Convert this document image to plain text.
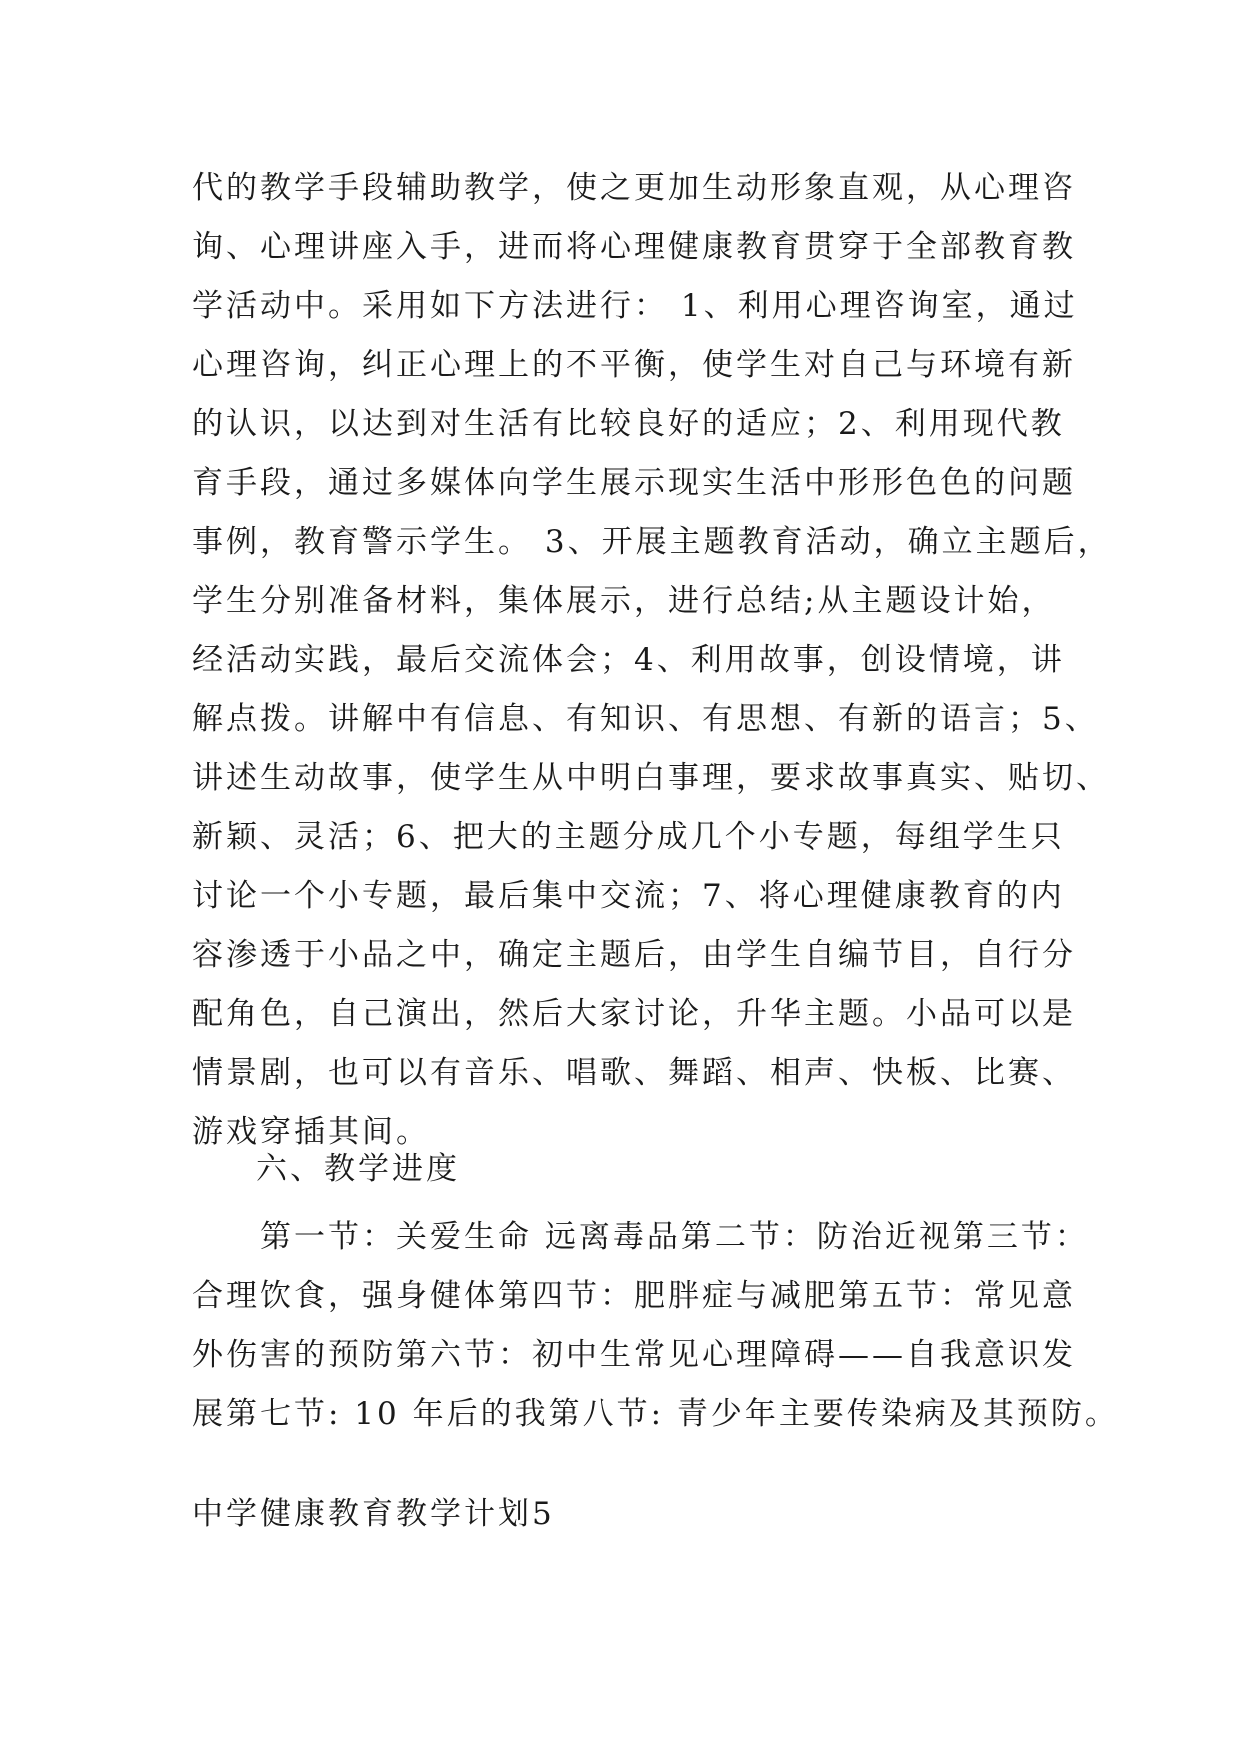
代的教学手段辅助教学，使之更加生动形象直观，从心理咨
询、心理讲座入手，进而将心理健康教育贯穿于全部教育教
学活动中。采用如下方法进行： 1、利用心理咨询室，通过
心理咨询，纠正心理上的不平衡，使学生对自己与环境有新
的认识，以达到对生活有比较良好的适应；2、利用现代教
育手段，通过多媒体向学生展示现实生活中形形色色的问题
事例，教育警示学生。 3、开展主题教育活动，确立主题后，
学生分别准备材料，集体展示，进行总结;从主题设计始，
经活动实践，最后交流体会；4、利用故事，创设情境，讲
解点拨。讲解中有信息、有知识、有思想、有新的语言；5、
讲述生动故事，使学生从中明白事理，要求故事真实、贴切、
新颖、灵活；6、把大的主题分成几个小专题，每组学生只
讨论一个小专题，最后集中交流；7、将心理健康教育的内
容渗透于小品之中，确定主题后，由学生自编节目，自行分
配角色，自己演出，然后大家讨论，升华主题。小品可以是
情景剧，也可以有音乐、唱歌、舞蹈、相声、快板、比赛、
游戏穿插其间。
六、教学进度
　　第一节：关爱生命 远离毒品第二节：防治近视第三节：
合理饮食，强身健体第四节：肥胖症与减肥第五节：常见意
外伤害的预防第六节：初中生常见心理障碍——自我意识发
展第七节: 10 年后的我第八节: 青少年主要传染病及其预防。
中学健康教育教学计划5
